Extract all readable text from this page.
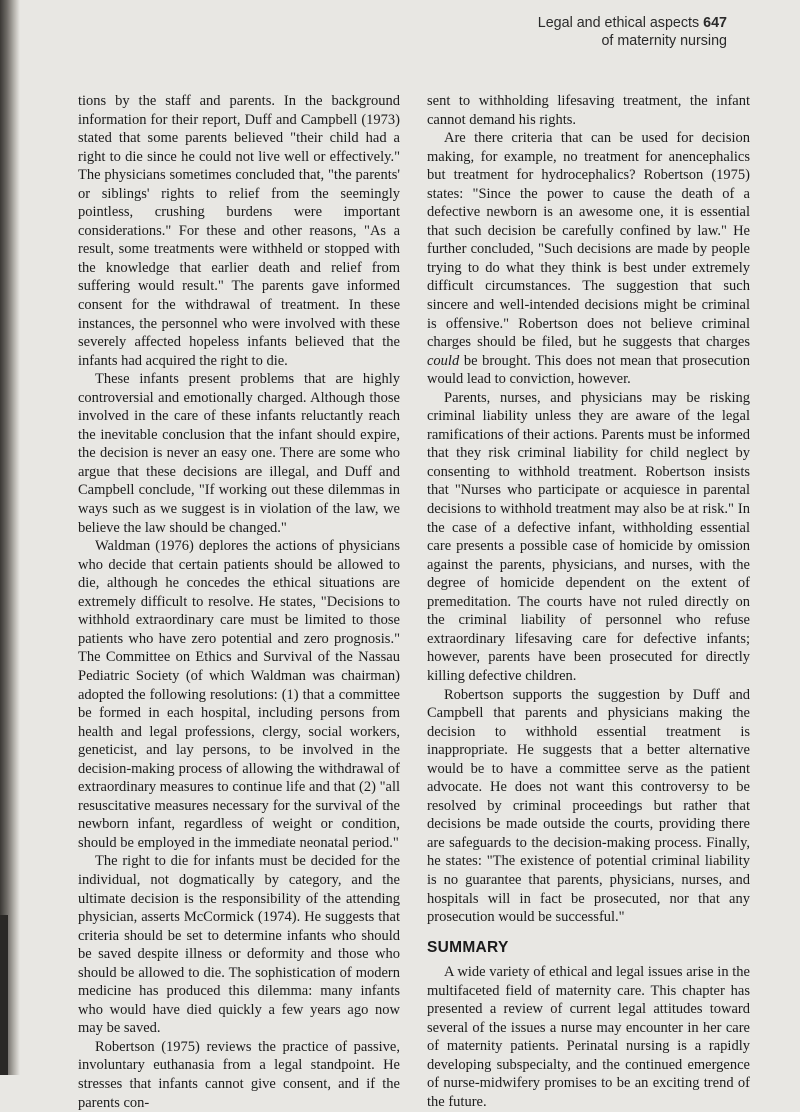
Legal and ethical aspects 647
of maternity nursing

tions by the staff and parents. In the background information for their report, Duff and Campbell (1973) stated that some parents believed "their child had a right to die since he could not live well or effectively." The physicians sometimes concluded that, "the parents' or siblings' rights to relief from the seemingly pointless, crushing burdens were important considerations." For these and other reasons, "As a result, some treatments were withheld or stopped with the knowledge that earlier death and relief from suffering would result." The parents gave informed consent for the withdrawal of treatment. In these instances, the personnel who were involved with these severely affected hopeless infants believed that the infants had acquired the right to die.

These infants present problems that are highly controversial and emotionally charged. Although those involved in the care of these infants reluctantly reach the inevitable conclusion that the infant should expire, the decision is never an easy one. There are some who argue that these decisions are illegal, and Duff and Campbell conclude, "If working out these dilemmas in ways such as we suggest is in violation of the law, we believe the law should be changed."

Waldman (1976) deplores the actions of physicians who decide that certain patients should be allowed to die, although he concedes the ethical situations are extremely difficult to resolve. He states, "Decisions to withhold extraordinary care must be limited to those patients who have zero potential and zero prognosis." The Committee on Ethics and Survival of the Nassau Pediatric Society (of which Waldman was chairman) adopted the following resolutions: (1) that a committee be formed in each hospital, including persons from health and legal professions, clergy, social workers, geneticist, and lay persons, to be involved in the decision-making process of allowing the withdrawal of extraordinary measures to continue life and that (2) "all resuscitative measures necessary for the survival of the newborn infant, regardless of weight or condition, should be employed in the immediate neonatal period."

The right to die for infants must be decided for the individual, not dogmatically by category, and the ultimate decision is the responsibility of the attending physician, asserts McCormick (1974). He suggests that criteria should be set to determine infants who should be saved despite illness or deformity and those who should be allowed to die. The sophistication of modern medicine has produced this dilemma: many infants who would have died quickly a few years ago now may be saved.

Robertson (1975) reviews the practice of passive, involuntary euthanasia from a legal standpoint. He stresses that infants cannot give consent, and if the parents con-

sent to withholding lifesaving treatment, the infant cannot demand his rights.

Are there criteria that can be used for decision making, for example, no treatment for anencephalics but treatment for hydrocephalics? Robertson (1975) states: "Since the power to cause the death of a defective newborn is an awesome one, it is essential that such decision be carefully confined by law." He further concluded, "Such decisions are made by people trying to do what they think is best under extremely difficult circumstances. The suggestion that such sincere and well-intended decisions might be criminal is offensive." Robertson does not believe criminal charges should be filed, but he suggests that charges could be brought. This does not mean that prosecution would lead to conviction, however.

Parents, nurses, and physicians may be risking criminal liability unless they are aware of the legal ramifications of their actions. Parents must be informed that they risk criminal liability for child neglect by consenting to withhold treatment. Robertson insists that "Nurses who participate or acquiesce in parental decisions to withhold treatment may also be at risk." In the case of a defective infant, withholding essential care presents a possible case of homicide by omission against the parents, physicians, and nurses, with the degree of homicide dependent on the extent of premeditation. The courts have not ruled directly on the criminal liability of personnel who refuse extraordinary lifesaving care for defective infants; however, parents have been prosecuted for directly killing defective children.

Robertson supports the suggestion by Duff and Campbell that parents and physicians making the decision to withhold essential treatment is inappropriate. He suggests that a better alternative would be to have a committee serve as the patient advocate. He does not want this controversy to be resolved by criminal proceedings but rather that decisions be made outside the courts, providing there are safeguards to the decision-making process. Finally, he states: "The existence of potential criminal liability is no guarantee that parents, physicians, nurses, and hospitals will in fact be prosecuted, nor that any prosecution would be successful."

SUMMARY

A wide variety of ethical and legal issues arise in the multifaceted field of maternity care. This chapter has presented a review of current legal attitudes toward several of the issues a nurse may encounter in her care of maternity patients. Perinatal nursing is a rapidly developing subspecialty, and the continued emergence of nurse-midwifery promises to be an exciting trend of the future.
